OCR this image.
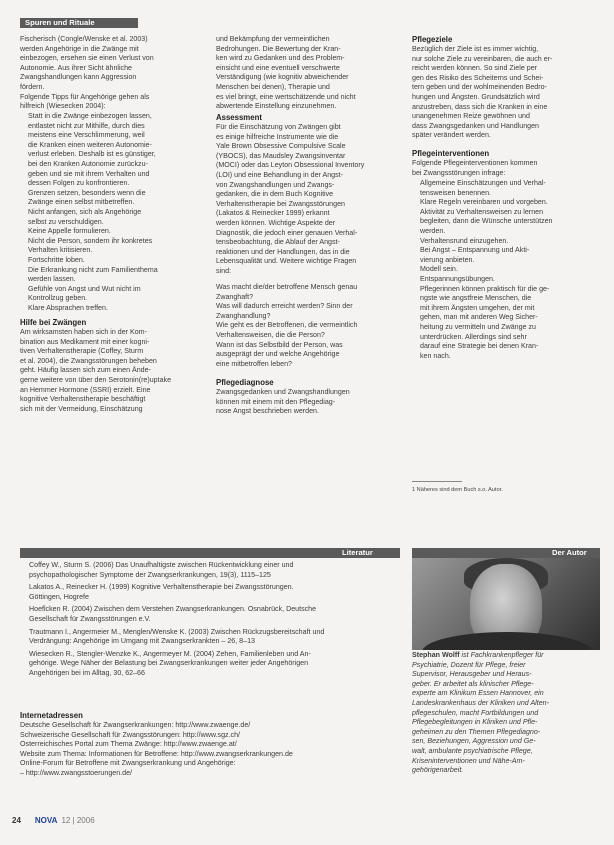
Spuren und Rituale
Fischerisch (Congle/Wenske et al. 2003)
werden Angehörige in die Zwänge mit
einbezogen, ersehen sie einen Verlust von
Autonomie. Aus ihrer Sicht ähnliche
Zwangshandlungen kann Aggression
fördern.
Folgende Tipps für Angehörige gehen als
hilfreich (Wiesecken 2004):
• Statt in die Zwänge einbezogen lassen,
entlastet nicht zur Mithilfe, durch dies
meistens eine Verschlimmerung, weil
die Kranken einen weiteren Autonomie-
verlust erleben. Deshalb ist es günstiger,
bei den Kranken Autonomie zurückzu-
geben und sie mit ihrem Verhalten und
dessen Folgen zu konfrontieren.
• Grenzen setzen, besonders wenn die
Zwänge einen selbst mitbetreffen.
• Nicht anfangen, sich als Angehörige
selbst zu verschuldigen.
• Keine Appelle formulieren.
• Nicht die Person, sondern ihr konkretes
Verhalten kritisieren.
• Fortschritte loben.
• Die Erkrankung nicht zum Familienthema
werden lassen.
• Gefühle von Angst und Wut nicht im
Kontrollzug geben.
• Klare Absprachen treffen.
Hilfe bei Zwängen
Am wirksamsten haben sich in der Kom-
bination aus Medikament mit einer kogni-
tiven Verhaltenstherapie (Coffey, Sturm
et al. 2004), die Zwangsstörungen beheben
geht. Häufig lassen sich zum einen Ände-
gerne weitere von über den Serotonin(re)uptake
an Hemmer Hormone (SSRI) erzielt. Eine
kognitive Verhaltenstherapie beschäftigt
sich mit der Vermeidung, Einschätzung
und Bekämpfung der vermeintlichen
Bedrohungen. Die Bewertung der Kran-
ken wird zu Gedanken und des Problem-
einsicht und eine eventuell verschwerte
Verständigung (wie kognitiv abweichender
Menschen bei denen), Therapie und
es viel bringt, eine wertschätzende und nicht
abwertende Einstellung einzunehmen.
Assessment
Für die Einschätzung von Zwängen gibt
es einige hilfreiche Instrumente wie die
Yale Brown Obsessive Compulsive Scale
(YBOCS), das Maudsley Zwangsinventar
(MOCI) oder das Leyton Obsessional Inventory
(LOI) und eine Behandlung in der Angst-
von Zwangshandlungen und Zwangs-
gedanken, die in dem Buch Kognitive
Verhaltenstherapie bei Zwangsstörungen
(Lakatos & Reinecker 1999) erkannt
werden können. Wichtige Aspekte der
Diagnostik, die jedoch einer genauen Verhal-
tensbeobachtung, die Ablauf der Angst-
reaktionen und der Handlungen, das in die
Lebensqualität und. Weitere wichtige Fragen
sind:
Was macht die/der betroffene Mensch genau
Zwanghaft?
Was will dadurch erreicht werden? Sinn der
Zwanghandlung?
Wie geht es der Betroffenen, die vermeintlich
Verhaltensweisen, die die Person?
Wann ist das Selbstbild der Person, was
ausgeprägt der und welche Angehörige
eine mitbetroffen leben?
Pflegediagnose
Zwangsgedanken und Zwangshandlungen
können mit einem mit den Pflegediag-
nose Angst beschrieben werden.
Pflegeziele
Bezüglich der Ziele ist es immer wichtig,
nur solche Ziele zu vereinbaren, die auch er-
reicht werden können. So sind Ziele per
gen des Risiko des Scheiterns und Schei-
tern geben und der wohlmeinenden Bedro-
hungen und Ängsten. Grundsätzlich wird
anzustreben, dass sich die Kranken in eine
unangenehmen Reize gewöhnen und
dass Zwangsgedanken und Handlungen
später verändert werden.
Pflegeinterventionen
Folgende Pflegeinterventionen kommen
bei Zwangsstörungen infrage:
• Allgemeine Einschätzungen und Verhal-
tensweisen benennen.
• Klare Regeln vereinbaren und vorgeben.
• Aktivität zu Verhaltensweisen zu lernen
begleiten, dann die Wünsche unterstützen
werden.
• Verhaltensrund einzugehen.
• Bei Angst – Entspannung und Akti-
vierung anbieten.
• Modell sein.
• Entspannungsübungen.
• Pflegerinnen können praktisch für die ge-
ngste wie angstfreie Menschen, die
mit ihrem Ängsten umgehen, der mit
gehen, man mit anderen Weg Sicher-
heitung zu vermitteln und Zwänge zu
unterdrücken. Allerdings sind sehr
darauf eine Strategie bei denen Kran-
ken nach.
1 Näheres sind dem Buch s.o. Autor.
Literatur
Coffey W., Sturm S. (2006) Das Unaufhaltigste zwischen Rückentwicklung einer und
psychopathologischer Symptome der Zwangserkrankungen, 19(3), 1115–125
Lakatos A., Reinecker H. (1999) Kognitive Verhaltenstherapie bei Zwangsstörungen.
Göttingen, Hogrefe
Hoeflcken R. (2004) Zwischen dem Verstehen Zwangserkrankungen. Osnabrück, Deutsche
Gesellschaft für Zwangsstörungen e.V.
Trautmann I., Angermeier M., Menglen/Wenske K. (2003) Zwischen Rückzugsbereitschaft und
Verdrängung: Angehörige im Umgang mit Zwangserkrankten – 26, 8–13
Wiesecken R., Stengler-Wenzke K., Angermeyer M. (2004) Zehen, Familienleben und An-
gehörige. Wege Näher der Belastung bei Zwangserkrankungen weiter jeder Angehörigen
Angehörigen bei im Alltag, 30, 62–66
Internetadressen
Deutsche Gesellschaft für Zwangserkrankungen: http://www.zwaenge.de/
Schweizerische Gesellschaft für Zwangsstörungen: http://www.sgz.ch/
Österreichisches Portal zum Thema Zwänge: http://www.zwaenge.at/
Website zum Thema: Informationen für Betroffene: http://www.zwangserkrankungen.de
Online-Forum für Betroffene mit Zwangserkrankung und Angehörige:
– http://www.zwangsstoerungen.de/
Der Autor
Stephan Wolff ist Fachkrankenpfleger für
Psychiatrie, Dozent für Pflege, freier
Supervisor, Herausgeber und Heraus-
geber. Er arbeitet als klinischer Pflege-
experte am Klinikum Essen Hannover, ein
Landeskrankenhaus der Kliniken und Alten-
pflegeschulen, macht Fortbildungen und
Pflegebegleitungen in Kliniken und Pfle-
geheimen zu den Themen Pflegediagno-
sen, Beziehungen, Aggression und Ge-
walt, ambulante psychiatrische Pflege,
Kriseninterventionen und Nähe-Am-
gehörigenarbeit.
24 NOVA 12 | 2006
